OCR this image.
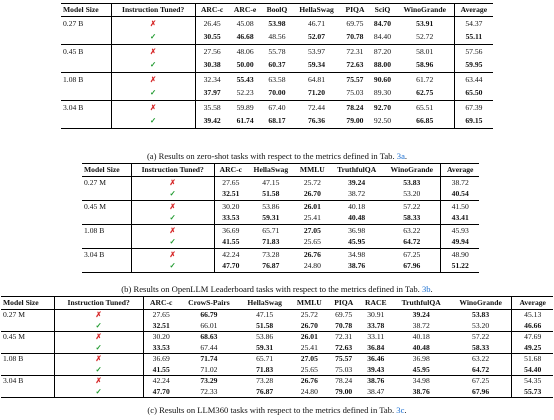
Model Size	Instruction Tuned?	ARC-c	ARC-e	BoolQ	HellaSwag	PIQA	SciQ	WinoGrande	Average
0.27 B	✗	26.45	45.08	53.98	46.71	69.75	84.70	53.91	54.37
	✓	30.55	46.68	48.56	52.07	70.78	84.40	52.72	55.11
0.45 B	✗	27.56	48.06	55.78	53.97	72.31	87.20	58.01	57.56
	✓	30.38	50.00	60.37	59.34	72.63	88.00	58.96	59.95
1.08 B	✗	32.34	55.43	63.58	64.81	75.57	90.60	61.72	63.44
	✓	37.97	52.23	70.00	71.20	75.03	89.30	62.75	65.50
3.04 B	✗	35.58	59.89	67.40	72.44	78.24	92.70	65.51	67.39
	✓	39.42	61.74	68.17	76.36	79.00	92.50	66.85	69.15
(a) Results on zero-shot tasks with respect to the metrics defined in Tab. 3a.
Model Size	Instruction Tuned?	ARC-c	HellaSwag	MMLU	TruthfulQA	WinoGrande	Average
0.27 M	✗	27.65	47.15	25.72	39.24	53.83	38.72
	✓	32.51	51.58	26.70	38.72	53.20	40.54
0.45 M	✗	30.20	53.86	26.01	40.18	57.22	41.50
	✓	33.53	59.31	25.41	40.48	58.33	43.41
1.08 B	✗	36.69	65.71	27.05	36.98	63.22	45.93
	✓	41.55	71.83	25.65	45.95	64.72	49.94
3.04 B	✗	42.24	73.28	26.76	34.98	67.25	48.90
	✓	47.70	76.87	24.80	38.76	67.96	51.22
(b) Results on OpenLLM Leaderboard tasks with respect to the metrics defined in Tab. 3b.
Model Size	Instruction Tuned?	ARC-c	CrowS-Pairs	HellaSwag	MMLU	PIQA	RACE	TruthfulQA	WinoGrande	Average
0.27 M	✗	27.65	66.79	47.15	25.72	69.75	30.91	39.24	53.83	45.13
	✓	32.51	66.01	51.58	26.70	70.78	33.78	38.72	53.20	46.66
0.45 M	✗	30.20	68.63	53.86	26.01	72.31	33.11	40.18	57.22	47.69
	✓	33.53	67.44	59.31	25.41	72.63	36.84	40.48	58.33	49.25
1.08 B	✗	36.69	71.74	65.71	27.05	75.57	36.46	36.98	63.22	51.68
	✓	41.55	71.02	71.83	25.65	75.03	39.43	45.95	64.72	54.40
3.04 B	✗	42.24	73.29	73.28	26.76	78.24	38.76	34.98	67.25	54.35
	✓	47.70	72.33	76.87	24.80	79.00	38.47	38.76	67.96	55.73
(c) Results on LLM360 tasks with respect to the metrics defined in Tab. 3c.
